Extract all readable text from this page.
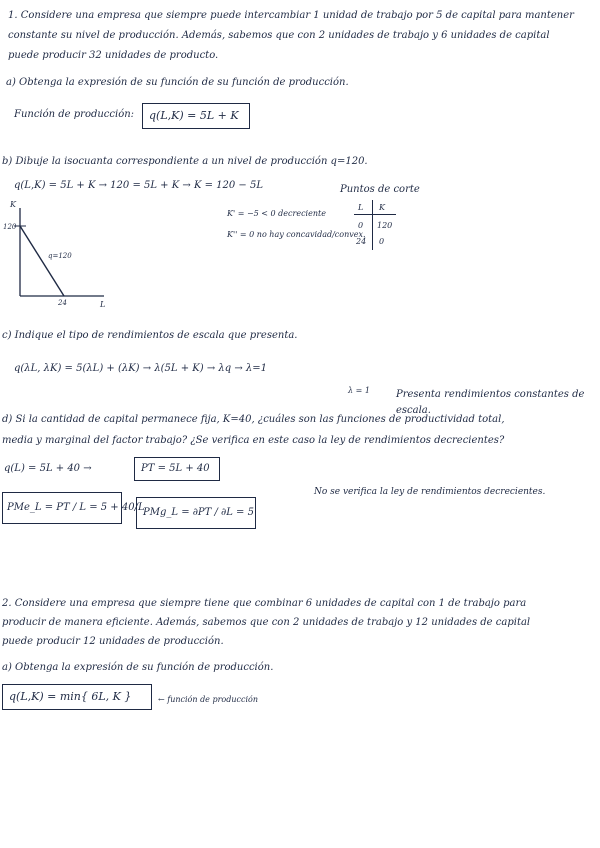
1. Considere una empresa que siempre puede intercambiar 1 unidad de trabajo por 5 de capital para mantener
constante su nivel de producción. Además, sabemos que con 2 unidades de trabajo y 6 unidades de capital
puede producir 32 unidades de producto.
a) Obtenga la expresión de su función de su función de producción.
Función de producción: q(L,K) = 5L + K
b) Dibuje la isocuanta correspondiente a un nivel de producción q=120.
q(L,K) = 5L + K → 120 = 5L + K → K = 120 − 5L	Puntos de corte
K' = −5 < 0 decreciente
K'' = 0 no hay concavidad/convex.
L K
0 120
24 0
K
L
120
24
q=120
c) Indique el tipo de rendimientos de escala que presenta.
q(λL, λK) = 5(λL) + (λK) → λ(5L + K) → λq → λ=1
λ = 1	Presenta rendimientos constantes de
escala.
d) Si la cantidad de capital permanece fija, K=40, ¿cuáles son las funciones de productividad total,
media y marginal del factor trabajo? ¿Se verifica en este caso la ley de rendimientos decrecientes?
q(L) = 5L + 40 →	PT = 5L + 40
PMe_L = PT / L = 5 + 40/L
PMg_L = ∂PT / ∂L = 5
No se verifica la ley de rendimientos decrecientes.
2. Considere una empresa que siempre tiene que combinar 6 unidades de capital con 1 de trabajo para
producir de manera eficiente. Además, sabemos que con 2 unidades de trabajo y 12 unidades de capital
puede producir 12 unidades de producción.
a) Obtenga la expresión de su función de producción.
q(L,K) = min{ 6L, K }	← función de producción
